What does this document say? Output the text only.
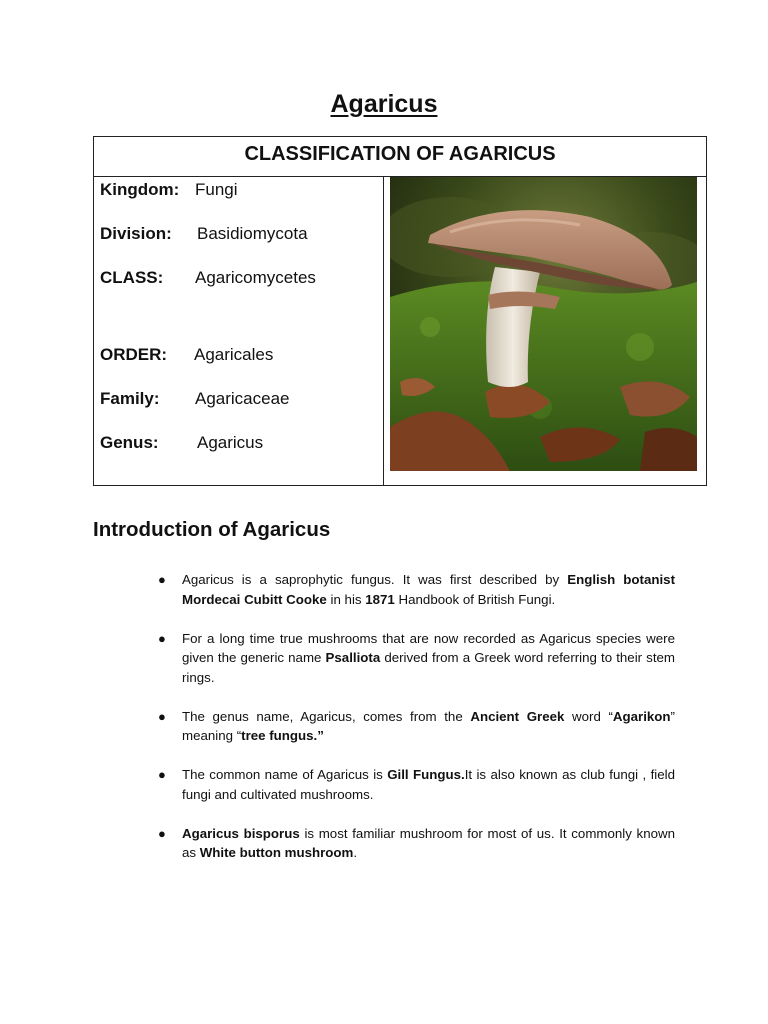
Agaricus
CLASSIFICATION OF AGARICUS
Kingdom: Fungi
Division: Basidiomycota
CLASS: Agaricomycetes
ORDER: Agaricales
Family: Agaricaceae
Genus: Agaricus
Introduction of Agaricus
● Agaricus is a saprophytic fungus. It was first described by English botanist Mordecai Cubitt Cooke in his 1871 Handbook of British Fungi.
● For a long time true mushrooms that are now recorded as Agaricus species were given the generic name Psalliota derived from a Greek word referring to their stem rings.
● The genus name, Agaricus, comes from the Ancient Greek word “Agarikon” meaning “tree fungus.”
● The common name of Agaricus is Gill Fungus.It is also known as club fungi , field fungi and cultivated mushrooms.
● Agaricus bisporus is most familiar mushroom for most of us. It commonly known as White button mushroom.
